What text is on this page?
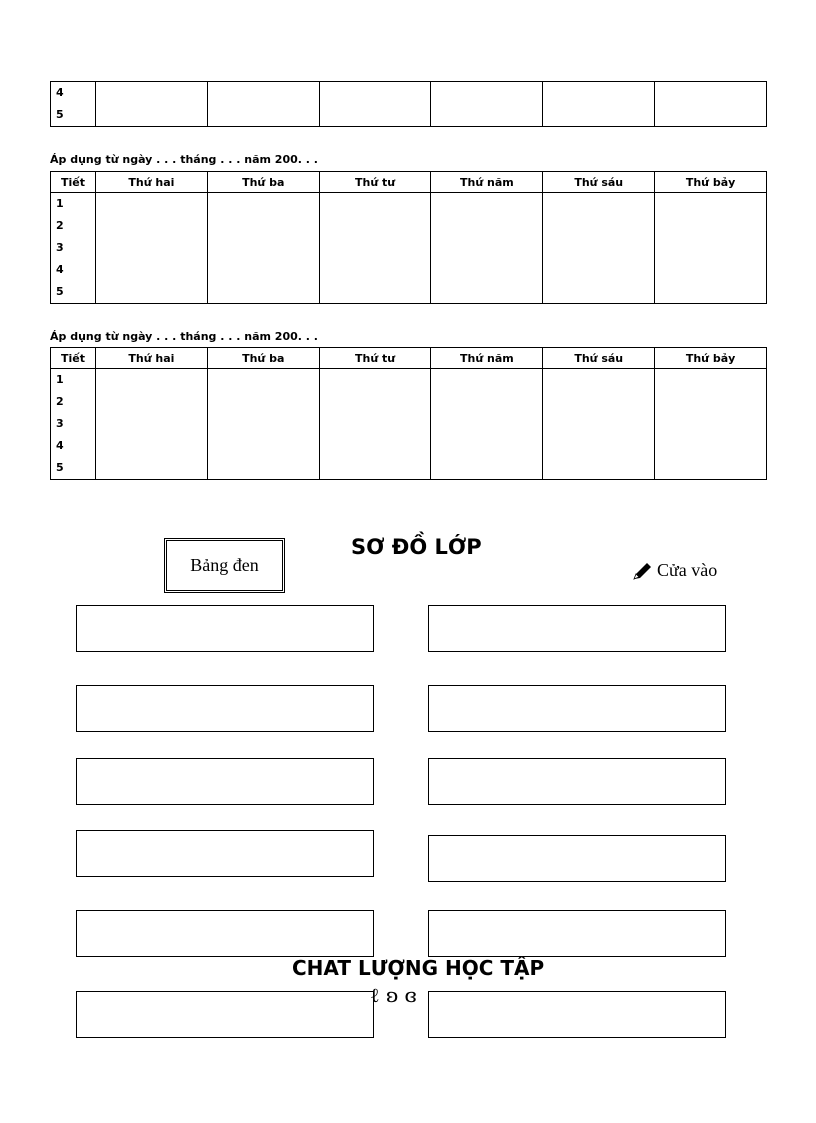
4
5

Áp dụng từ ngày . . . tháng . . . năm 200. . .
Tiết	Thứ hai	Thứ ba	Thứ tư	Thứ năm	Thứ sáu	Thứ bảy

1
2
3
4
5						

Áp dụng từ ngày . . . tháng . . . năm 200. . .
Tiết	Thứ hai	Thứ ba	Thứ tư	Thứ năm	Thứ sáu	Thứ bảy

1
2
3
4
5						

SƠ ĐỒ LỚP
Bảng đen	Cửa vào
CHAT LƯỢNG HỌC TẬP
ℓ ʚ ɞ
